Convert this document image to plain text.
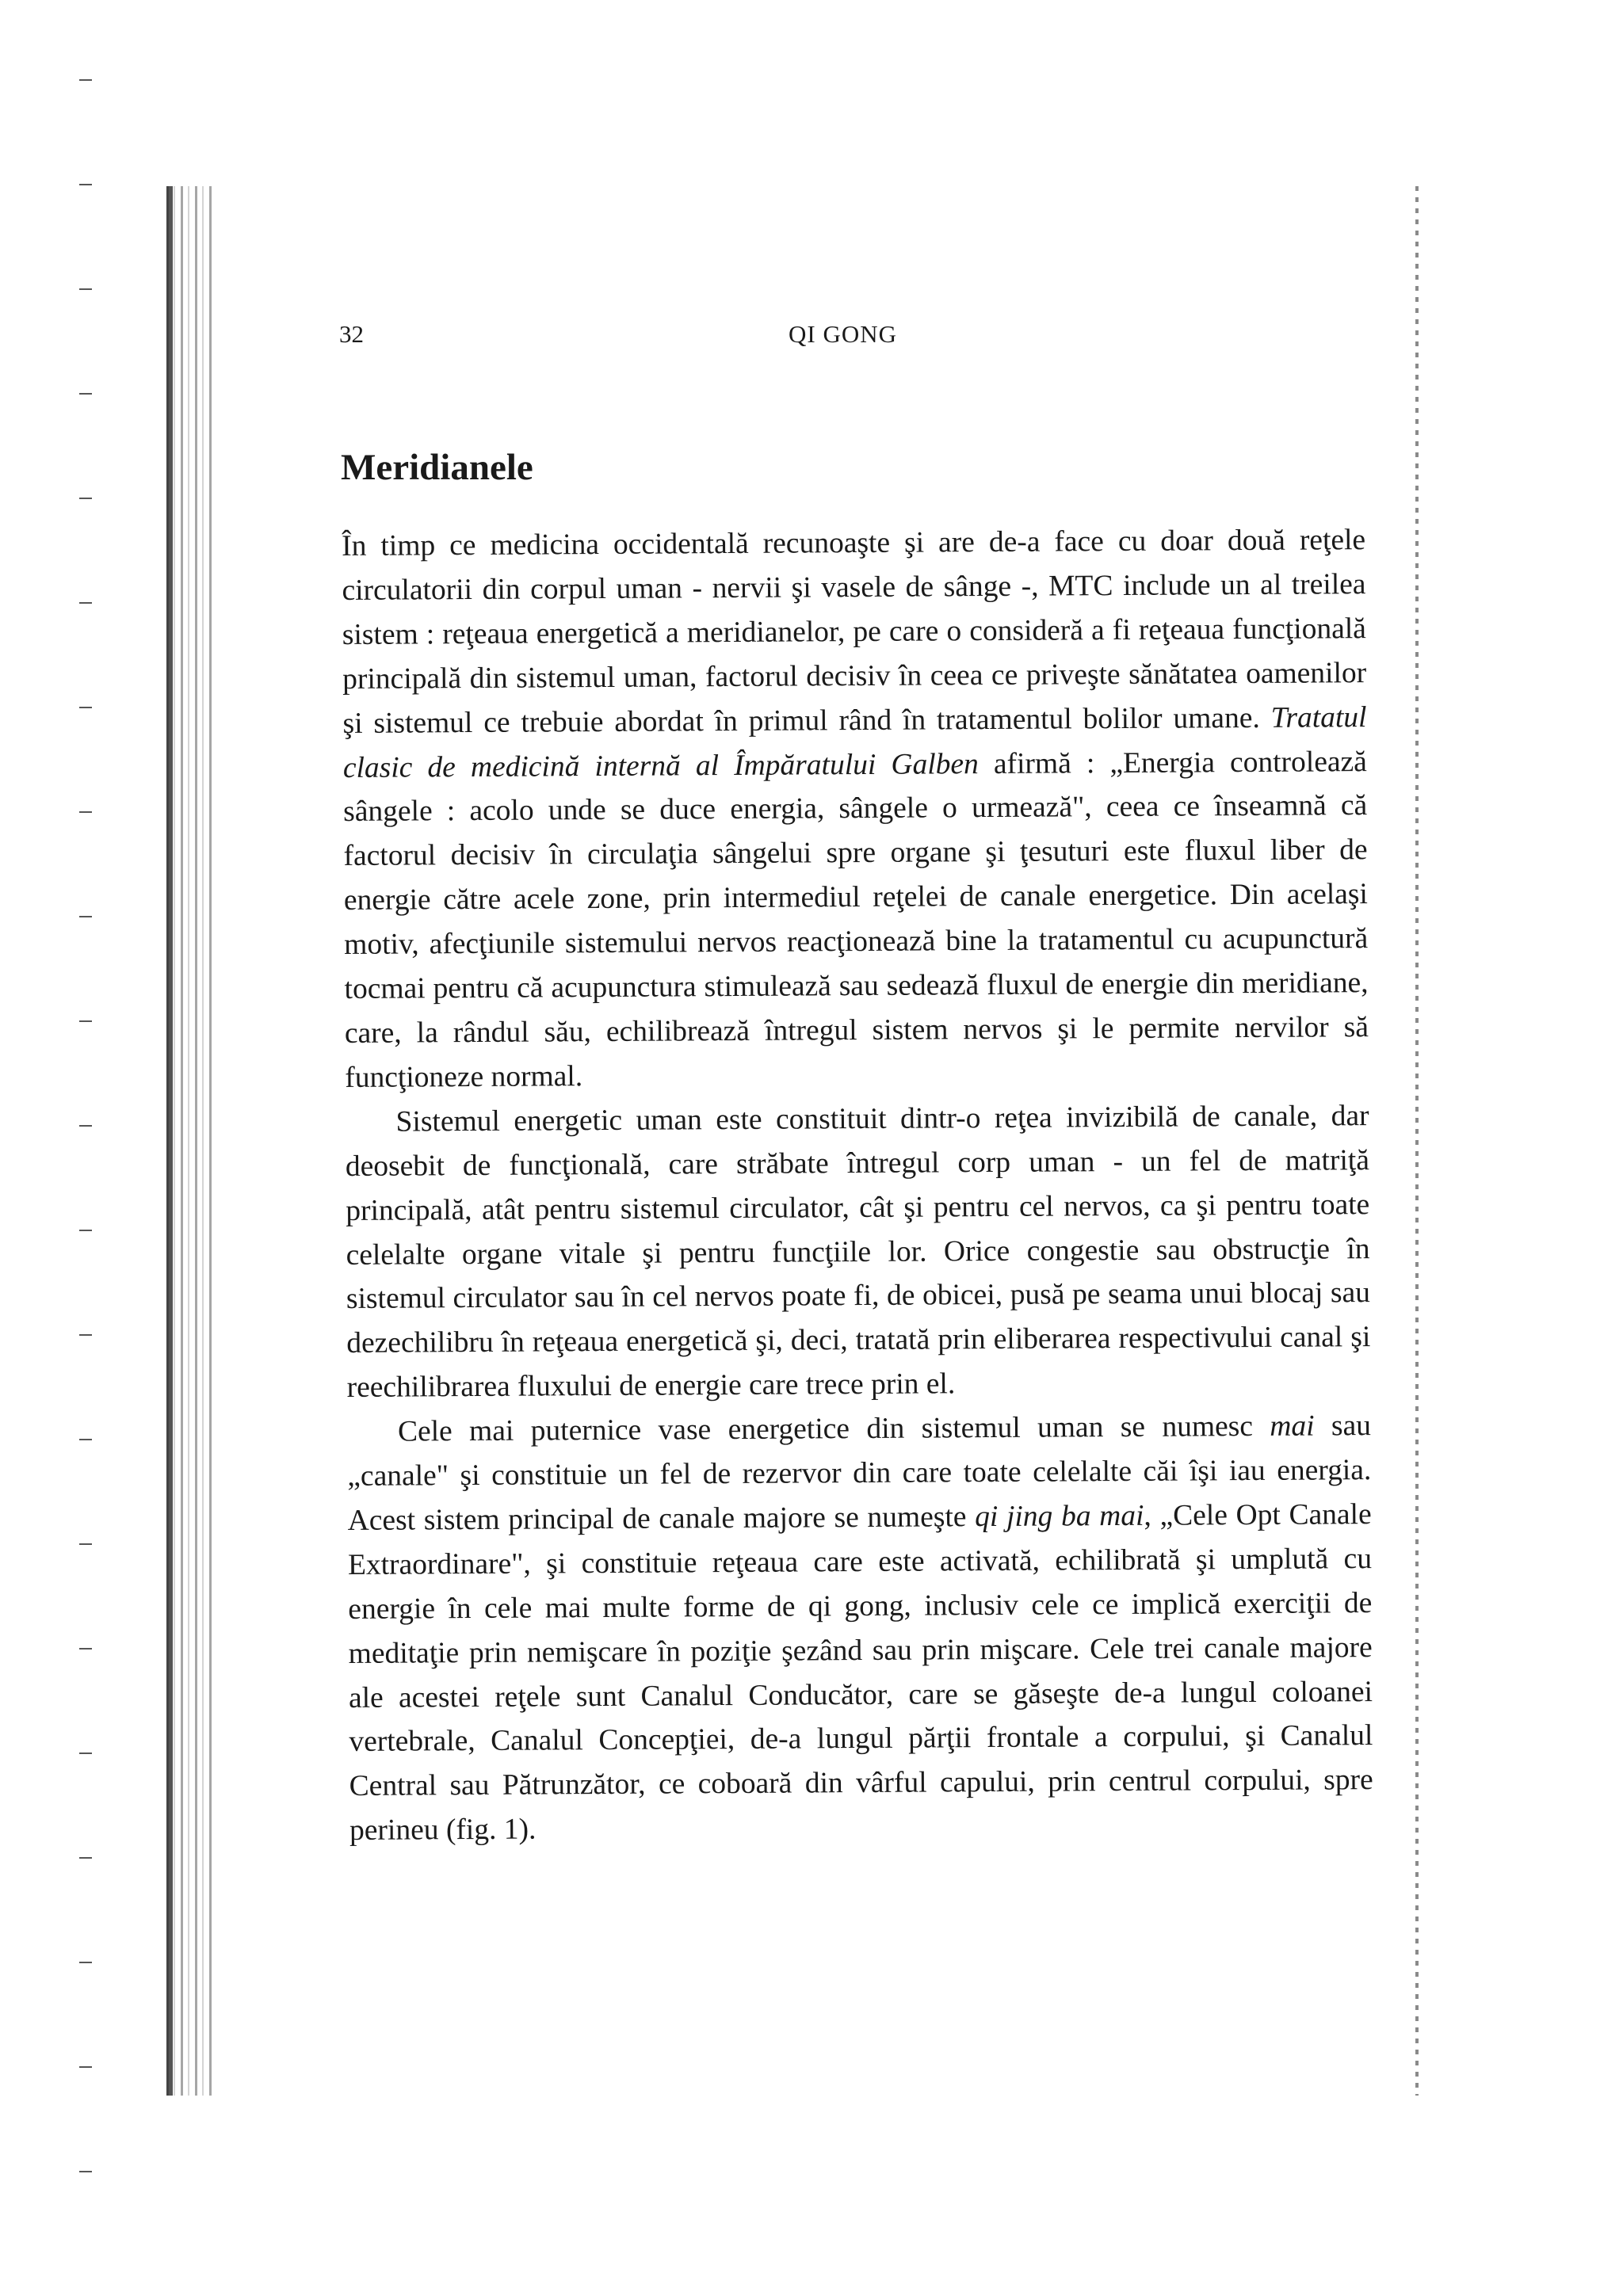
32	QI GONG
Meridianele

În timp ce medicina occidentală recunoaşte şi are de-a face cu doar două reţele circulatorii din corpul uman - nervii şi vasele de sânge -, MTC include un al treilea sistem : reţeaua energetică a meridianelor, pe care o consideră a fi reţeaua funcţională principală din sistemul uman, factorul decisiv în ceea ce priveşte sănătatea oamenilor şi sistemul ce trebuie abordat în primul rând în tratamentul bolilor umane. Tratatul clasic de medicină internă al Împăratului Galben afirmă : „Energia controlează sângele : acolo unde se duce energia, sângele o urmează", ceea ce înseamnă că factorul decisiv în circulaţia sângelui spre organe şi ţesuturi este fluxul liber de energie către acele zone, prin intermediul reţelei de canale energetice. Din acelaşi motiv, afecţiunile sistemului nervos reacţionează bine la tratamentul cu acupunctură tocmai pentru că acupunctura stimulează sau sedează fluxul de energie din meridiane, care, la rândul său, echilibrează întregul sistem nervos şi le permite nervilor să funcţioneze normal.

Sistemul energetic uman este constituit dintr-o reţea invizibilă de canale, dar deosebit de funcţională, care străbate întregul corp uman - un fel de matriţă principală, atât pentru sistemul circulator, cât şi pentru cel nervos, ca şi pentru toate celelalte organe vitale şi pentru funcţiile lor. Orice congestie sau obstrucţie în sistemul circulator sau în cel nervos poate fi, de obicei, pusă pe seama unui blocaj sau dezechilibru în reţeaua energetică şi, deci, tratată prin eliberarea respectivului canal şi reechilibrarea fluxului de energie care trece prin el.

Cele mai puternice vase energetice din sistemul uman se numesc mai sau „canale" şi constituie un fel de rezervor din care toate celelalte căi îşi iau energia. Acest sistem principal de canale majore se numeşte qi jing ba mai, „Cele Opt Canale Extraordinare", şi constituie reţeaua care este activată, echilibrată şi umplută cu energie în cele mai multe forme de qi gong, inclusiv cele ce implică exerciţii de meditaţie prin nemişcare în poziţie şezând sau prin mişcare. Cele trei canale majore ale acestei reţele sunt Canalul Conducător, care se găseşte de-a lungul coloanei vertebrale, Canalul Concepţiei, de-a lungul părţii frontale a corpului, şi Canalul Central sau Pătrunzător, ce coboară din vârful capului, prin centrul corpului, spre perineu (fig. 1).
